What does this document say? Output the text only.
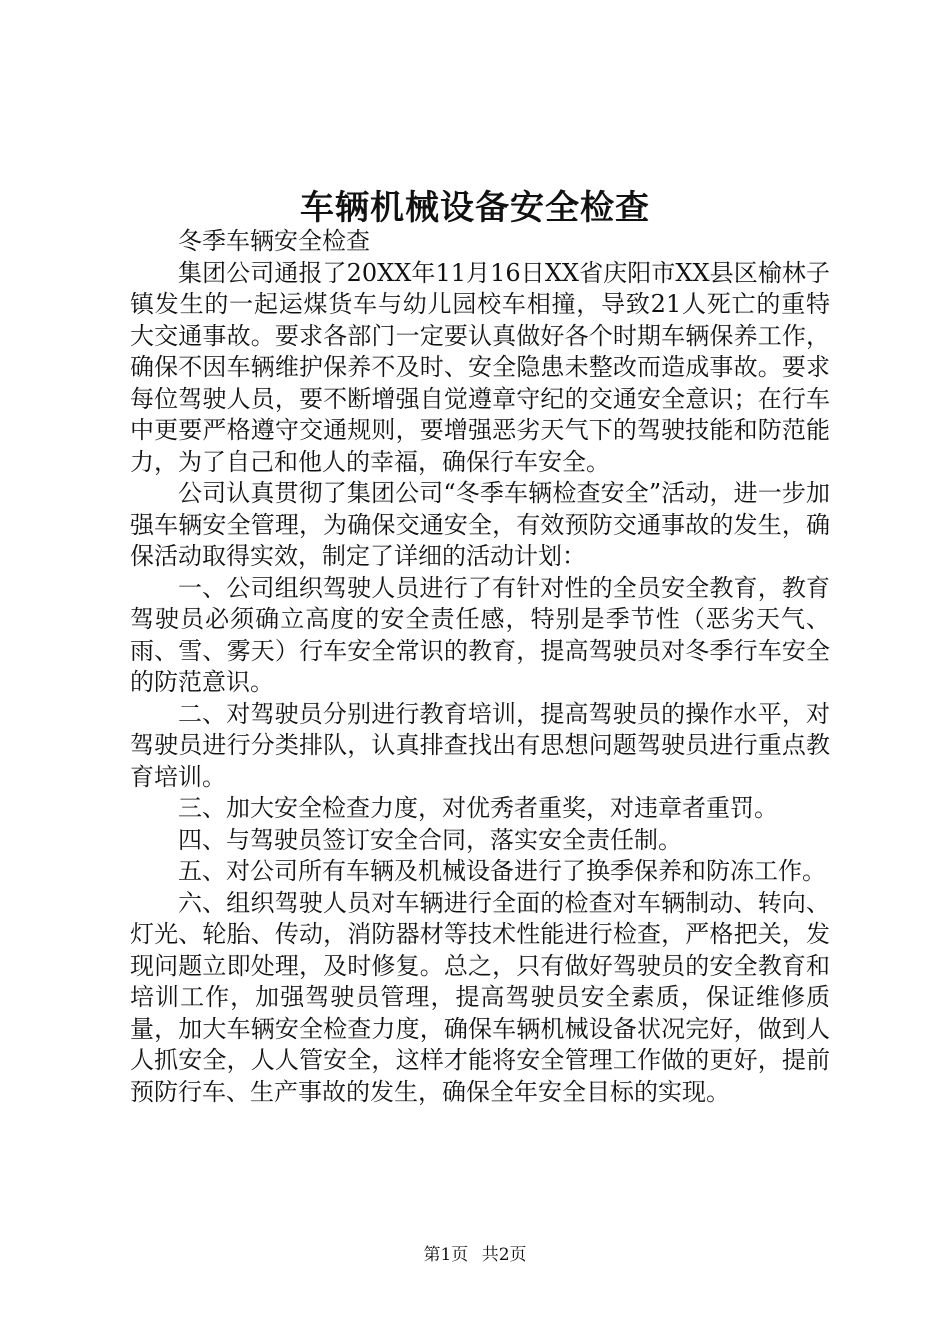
车辆机械设备安全检查

冬季车辆安全检查

集团公司通报了20XX年11月16日XX省庆阳市XX县区榆林子镇发生的一起运煤货车与幼儿园校车相撞，导致21人死亡的重特大交通事故。要求各部门一定要认真做好各个时期车辆保养工作，确保不因车辆维护保养不及时、安全隐患未整改而造成事故。要求每位驾驶人员，要不断增强自觉遵章守纪的交通安全意识；在行车中更要严格遵守交通规则，要增强恶劣天气下的驾驶技能和防范能力，为了自己和他人的幸福，确保行车安全。

公司认真贯彻了集团公司“冬季车辆检查安全”活动，进一步加强车辆安全管理，为确保交通安全，有效预防交通事故的发生，确保活动取得实效，制定了详细的活动计划：

一、公司组织驾驶人员进行了有针对性的全员安全教育，教育驾驶员必须确立高度的安全责任感，特别是季节性（恶劣天气、雨、雪、雾天）行车安全常识的教育，提高驾驶员对冬季行车安全的防范意识。

二、对驾驶员分别进行教育培训，提高驾驶员的操作水平，对驾驶员进行分类排队，认真排查找出有思想问题驾驶员进行重点教育培训。

三、加大安全检查力度，对优秀者重奖，对违章者重罚。

四、与驾驶员签订安全合同，落实安全责任制。

五、对公司所有车辆及机械设备进行了换季保养和防冻工作。

六、组织驾驶人员对车辆进行全面的检查对车辆制动、转向、灯光、轮胎、传动，消防器材等技术性能进行检查，严格把关，发现问题立即处理，及时修复。总之，只有做好驾驶员的安全教育和培训工作，加强驾驶员管理，提高驾驶员安全素质，保证维修质量，加大车辆安全检查力度，确保车辆机械设备状况完好，做到人人抓安全，人人管安全，这样才能将安全管理工作做的更好，提前预防行车、生产事故的发生，确保全年安全目标的实现。

第1页 共2页
